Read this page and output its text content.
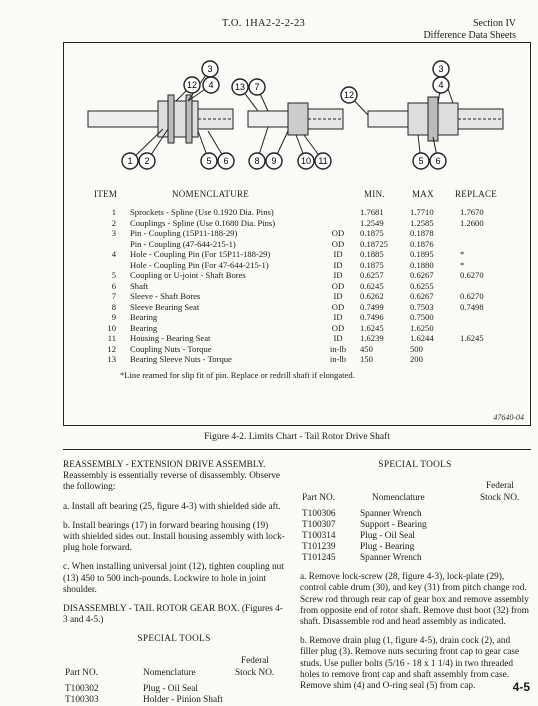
T.O. 1HA2-2-2-23	Section IV
Difference Data Sheets
3
12 4 13 7
12
3
4
1 2	5 6	8 9	10 11	5 6
ITEM	NOMENCLATURE	MIN.	MAX REPLACE
1 Sprockets - Spline (Use 0.1920 Dia. Pins)	1.7681	1.7710	1.7670
2 Couplings - Spline (Use 0.1680 Dia. Pins)	1.2549	1.2585	1.2600
3 Pin - Coupling (15P11-188-29)	OD	0.1875	0.1878
Pin - Coupling (47-644-215-1)	OD	0.18725	0.1876
4 Hole - Coupling Pin (For 15P11-188-29)	ID	0.1885	0.1895	*
Hole - Coupling Pin (For 47-644-215-1)	ID	0.1875	0.1880	*
5 Coupling or U-joint - Shaft Bores	ID	0.6257	0.6267	0.6270
6 Shaft	OD	0.6245	0.6255
7 Sleeve - Shaft Bores	ID	0.6262	0.6267	0.6270
8 Sleeve Bearing Seat	OD	0.7499	0.7503	0.7498
9 Bearing	ID	0.7496	0.7500
10 Bearing	OD	1.6245	1.6250
11 Housing - Bearing Seat	ID	1.6239	1.6244	1.6245
12 Coupling Nuts - Torque	in-lb	450	500
13 Bearing Sleeve Nuts - Torque	in-lb	150	200
*Line reamed for slip fit of pin. Replace or redrill shaft if elongated.
47640-04
Figure 4-2. Limits Chart - Tail Rotor Drive Shaft

REASSEMBLY - EXTENSION DRIVE ASSEMBLY. Reassembly is essentially reverse of disassembly. Observe the following:

a. Install aft bearing (25, figure 4-3) with shielded side aft.

b. Install bearings (17) in forward bearing housing (19) with shielded sides out. Install housing assembly with lock-plug hole forward.

c. When installing universal joint (12), tighten coupling nut (13) 450 to 500 inch-pounds. Lockwire to hole in joint shoulder.

DISASSEMBLY - TAIL ROTOR GEAR BOX. (Figures 4-3 and 4-5.)

SPECIAL TOOLS
Part NO.	Nomenclature
Federal
Stock NO.
T100302	Plug - Oil Seal
T100303	Holder - Pinion Shaft
SPECIAL TOOLS
Part NO.	Nomenclature
Federal
Stock NO.
T100306	Spanner Wrench
T100307	Support - Bearing
T100314	Plug - Oil Seal
T101239	Plug - Bearing
T101245	Spanner Wrench

a. Remove lock-screw (28, figure 4-3), lock-plate (29), control cable drum (30), and key (31) from pitch change rod. Screw rod through rear cap of gear box and remove assembly from opposite end of rotor shaft. Remove dust boot (32) from shaft. Disassemble rod and head assembly as indicated.

b. Remove drain plug (1, figure 4-5), drain cock (2), and filler plug (3). Remove nuts securing front cap to gear case studs. Use puller bolts (5/16 - 18 x 1 1/4) in two threaded holes to remove front cap and shaft assembly from case. Remove shim (4) and O-ring seal (5) from cap.	4-5
